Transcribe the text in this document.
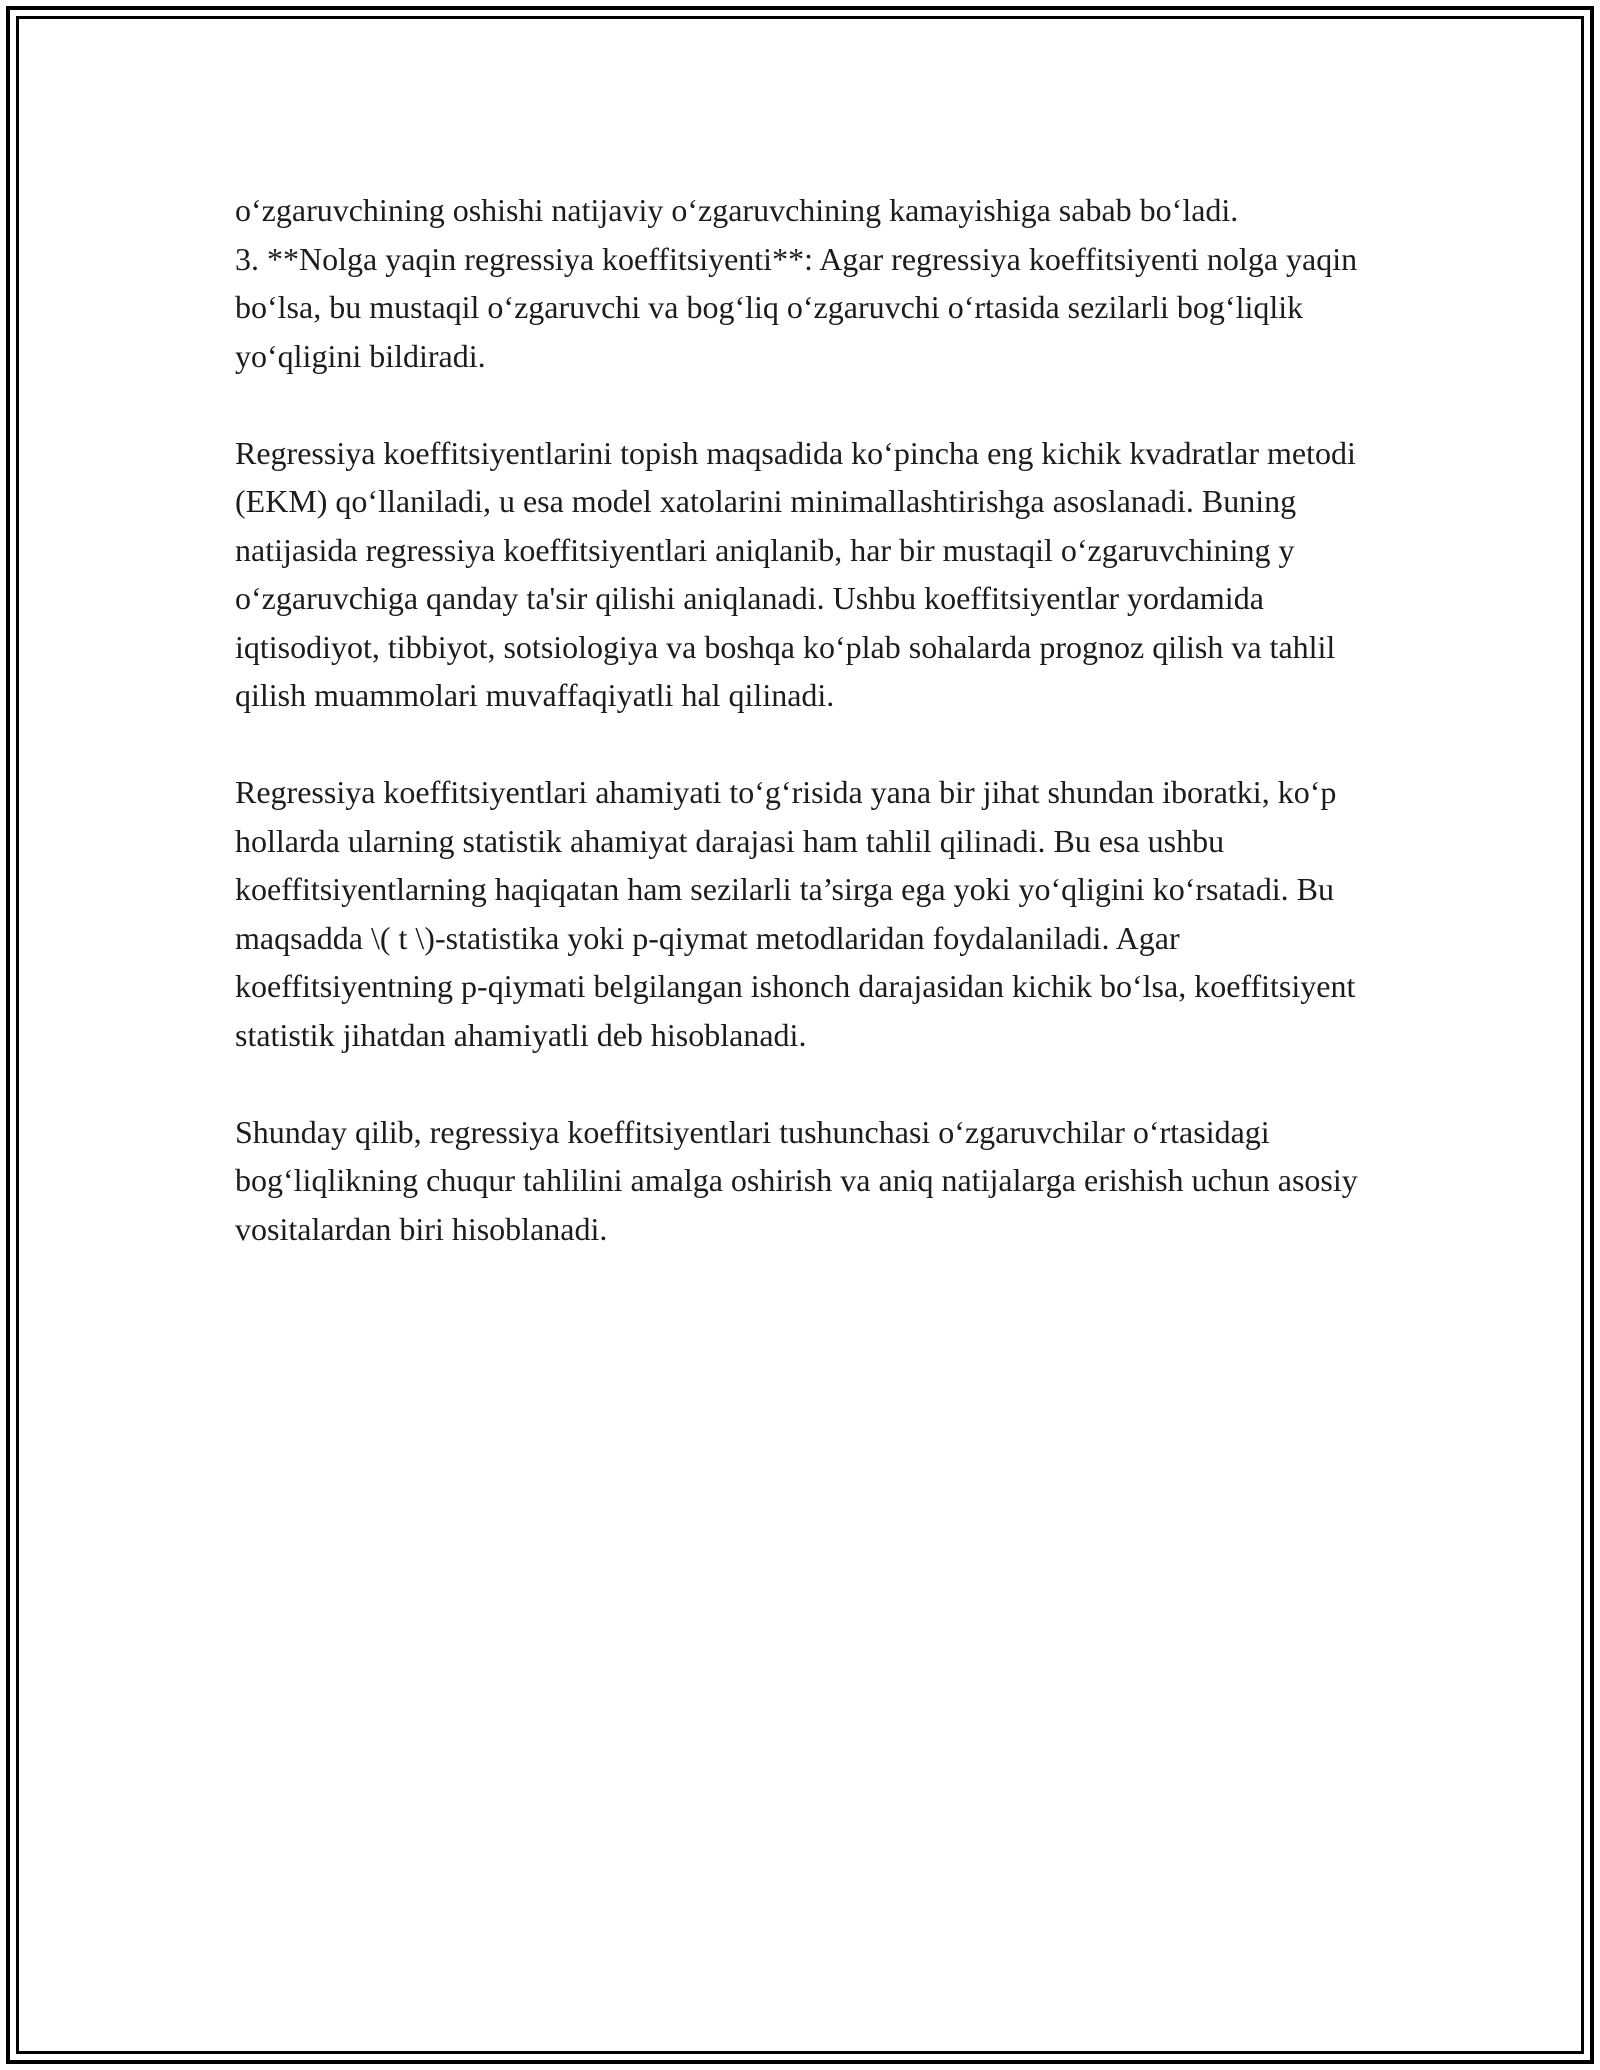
o‘zgaruvchining oshishi natijaviy o‘zgaruvchining kamayishiga sabab bo‘ladi.

3. **Nolga yaqin regressiya koeffitsiyenti**: Agar regressiya koeffitsiyenti nolga yaqin bo‘lsa, bu mustaqil o‘zgaruvchi va bog‘liq o‘zgaruvchi o‘rtasida sezilarli bog‘liqlik yo‘qligini bildiradi.

Regressiya koeffitsiyentlarini topish maqsadida ko‘pincha eng kichik kvadratlar metodi (EKM) qo‘llaniladi, u esa model xatolarini minimallashtirishga asoslanadi. Buning natijasida regressiya koeffitsiyentlari aniqlanib, har bir mustaqil o‘zgaruvchining y o‘zgaruvchiga qanday ta'sir qilishi aniqlanadi. Ushbu koeffitsiyentlar yordamida iqtisodiyot, tibbiyot, sotsiologiya va boshqa ko‘plab sohalarda prognoz qilish va tahlil qilish muammolari muvaffaqiyatli hal qilinadi.

Regressiya koeffitsiyentlari ahamiyati to‘g‘risida yana bir jihat shundan iboratki, ko‘p hollarda ularning statistik ahamiyat darajasi ham tahlil qilinadi. Bu esa ushbu koeffitsiyentlarning haqiqatan ham sezilarli ta’sirga ega yoki yo‘qligini ko‘rsatadi. Bu maqsadda \( t \)-statistika yoki p-qiymat metodlaridan foydalaniladi. Agar koeffitsiyentning p-qiymati belgilangan ishonch darajasidan kichik bo‘lsa, koeffitsiyent statistik jihatdan ahamiyatli deb hisoblanadi.

Shunday qilib, regressiya koeffitsiyentlari tushunchasi o‘zgaruvchilar o‘rtasidagi bog‘liqlikning chuqur tahlilini amalga oshirish va aniq natijalarga erishish uchun asosiy vositalardan biri hisoblanadi.
